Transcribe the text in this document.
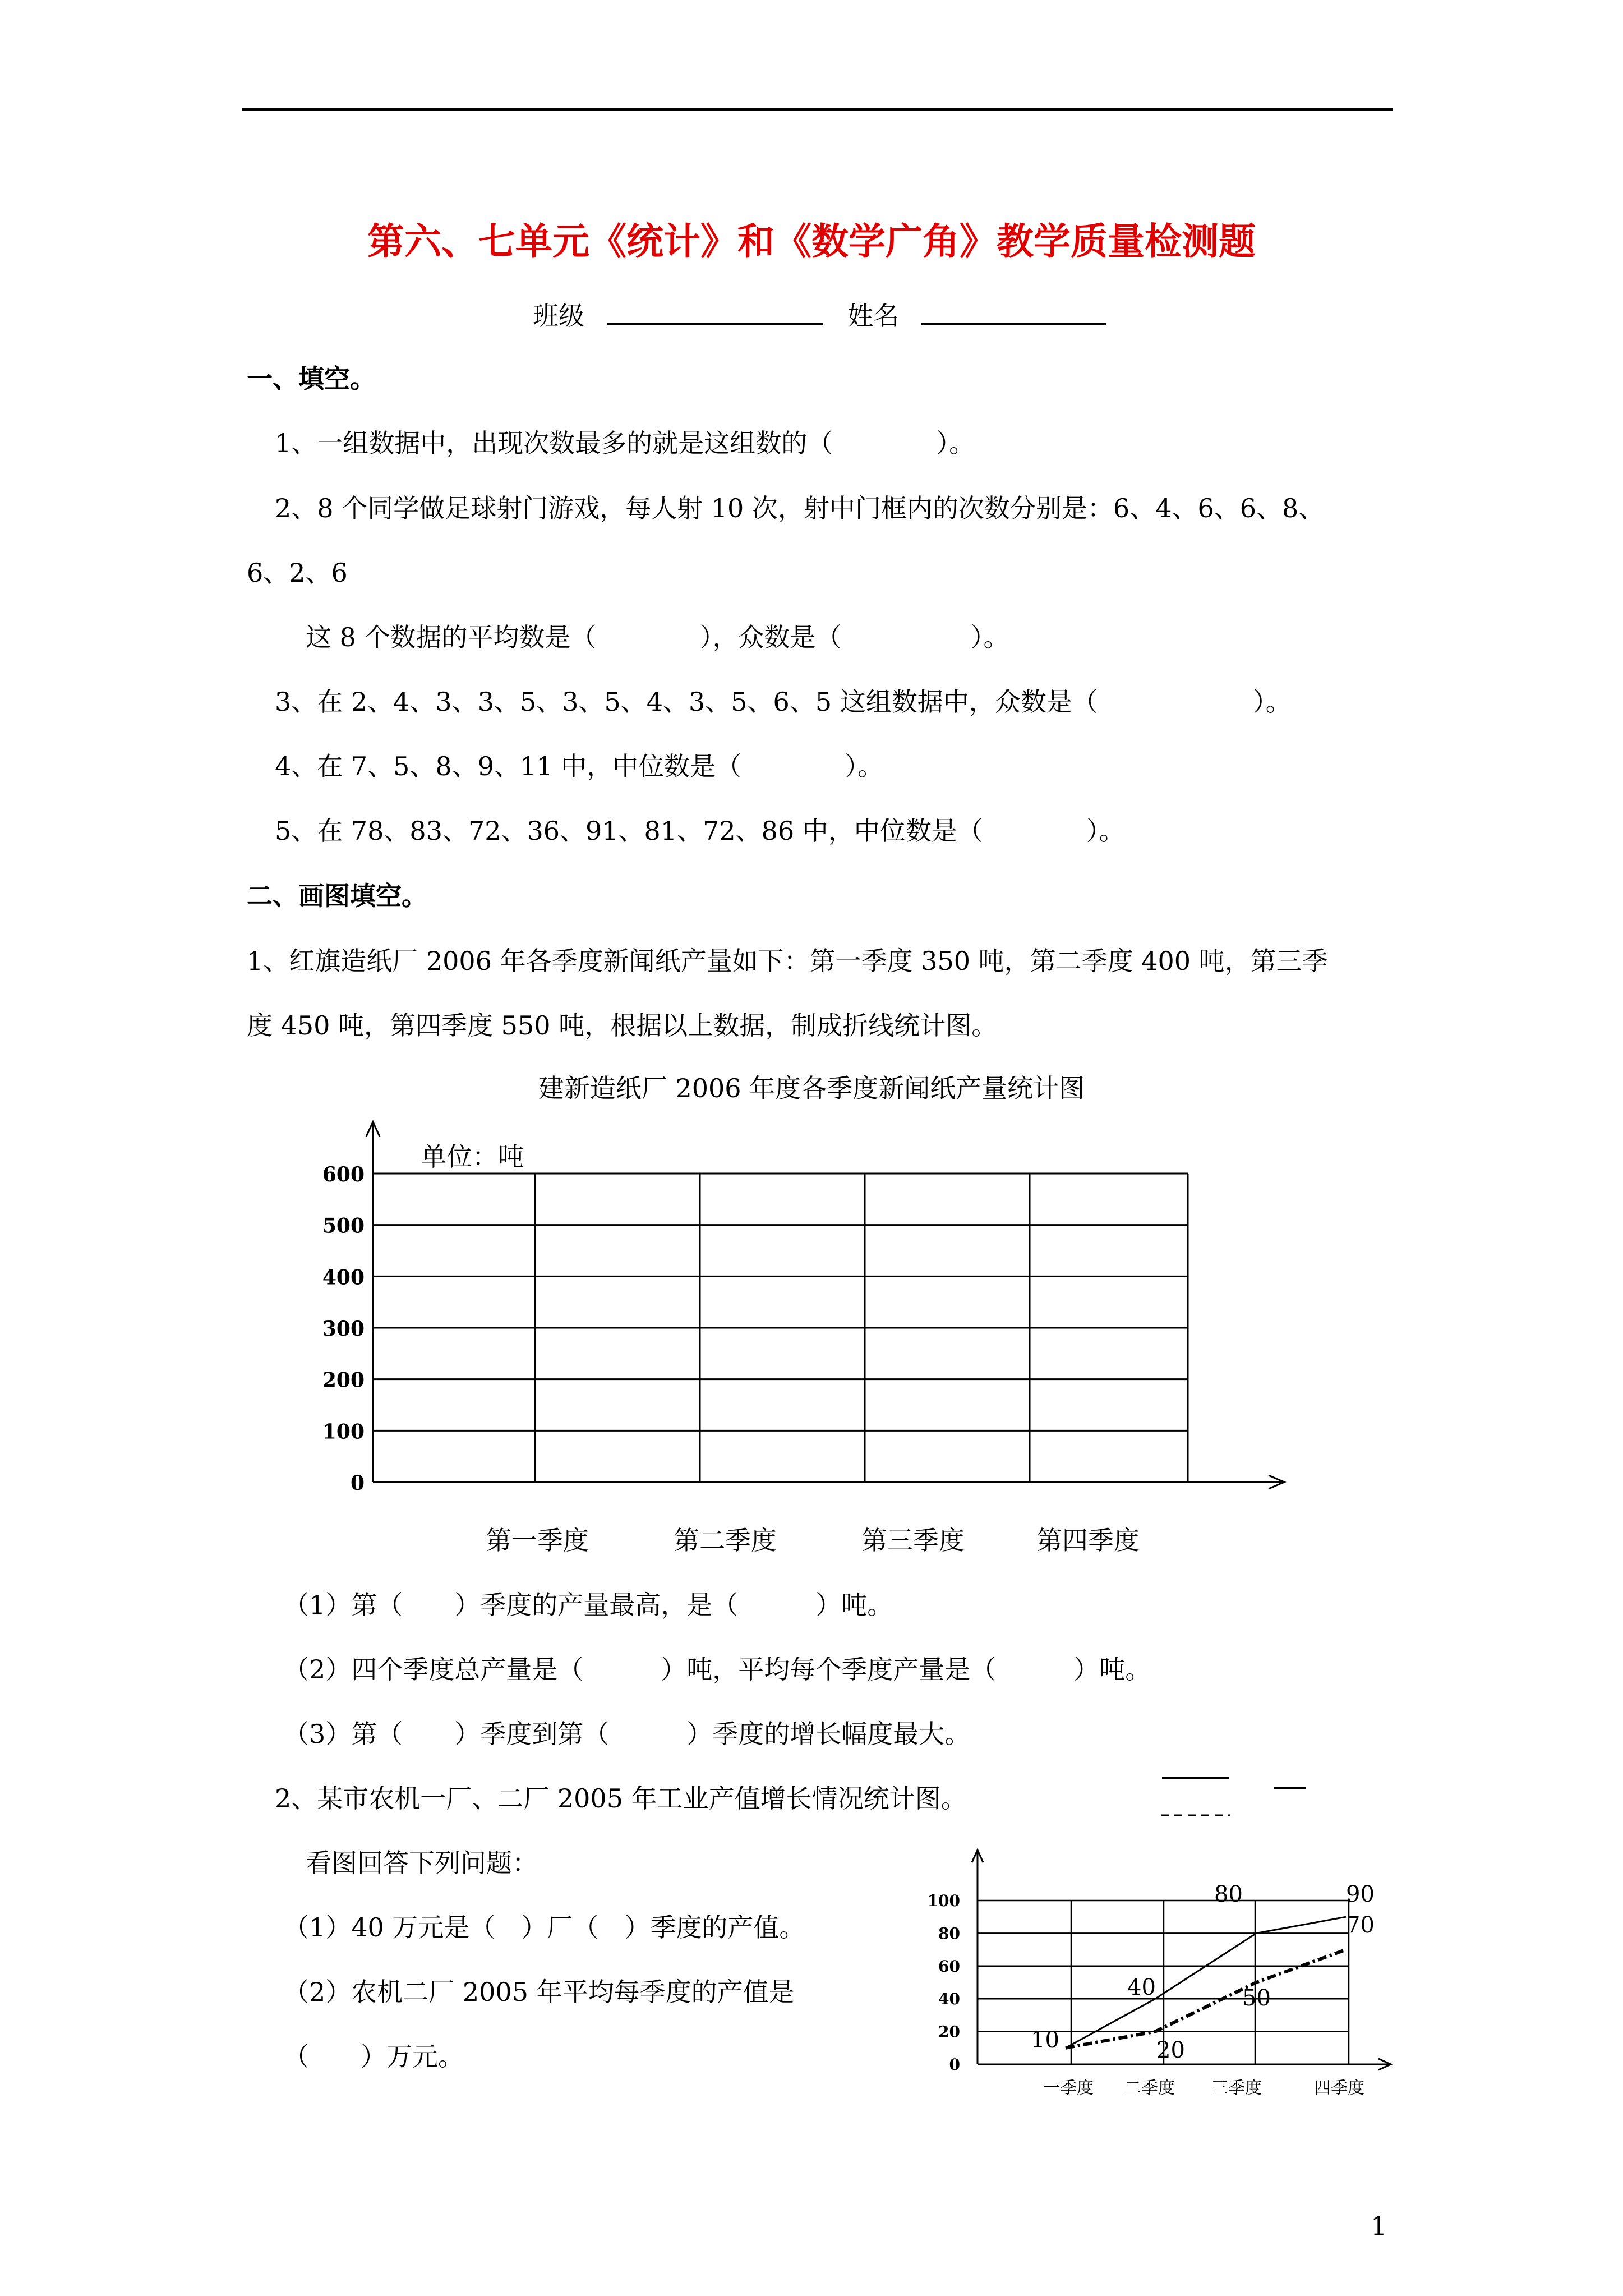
第六、七单元《统计》和《数学广角》教学质量检测题
班级	姓名
一、填空。
1、一组数据中，出现次数最多的就是这组数的（　　　　）。
2、8 个同学做足球射门游戏，每人射 10 次，射中门框内的次数分别是：6、4、6、6、8、
6、2、6
这 8 个数据的平均数是（　　　　），众数是（　　　　　）。
3、在 2、4、3、3、5、3、5、4、3、5、6、5 这组数据中，众数是（　　　　　　）。
4、在 7、5、8、9、11 中，中位数是（　　　　）。
5、在 78、83、72、36、91、81、72、86 中，中位数是（　　　　）。
二、画图填空。
1、红旗造纸厂 2006 年各季度新闻纸产量如下：第一季度 350 吨，第二季度 400 吨，第三季
度 450 吨，第四季度 550 吨，根据以上数据，制成折线统计图。
建新造纸厂 2006 年度各季度新闻纸产量统计图
0
100
200
300
400
500
600
单位：吨
第一季度	第二季度	第三季度	第四季度
（1）第（　　）季度的产量最高，是（　　　）吨。
（2）四个季度总产量是（　　　）吨，平均每个季度产量是（　　　）吨。
（3）第（　　）季度到第（　　　）季度的增长幅度最大。
2、某市农机一厂、二厂 2005 年工业产值增长情况统计图。
看图回答下列问题：
（1）40 万元是（　）厂（　）季度的产值。
（2）农机二厂 2005 年平均每季度的产值是
（　　）万元。	0
20
40
60
80
100
10
40
80	90
20
50
70
一季度 二季度 三季度	四季度
1
